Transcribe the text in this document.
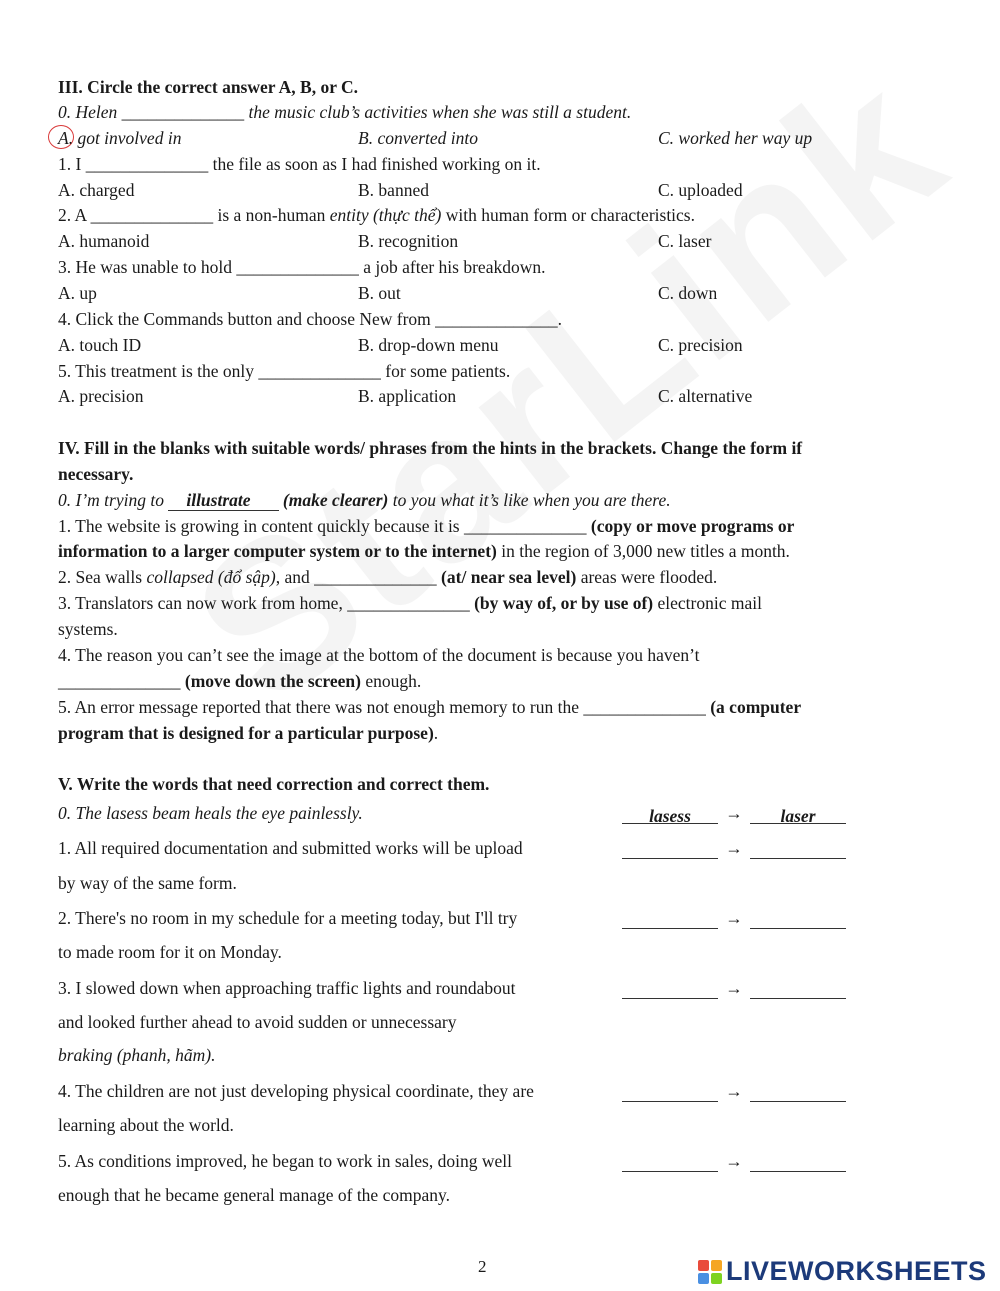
III. Circle the correct answer A, B, or C.
0. Helen ______________ the music club’s activities when she was still a student.
A. got involved in	B. converted into	C. worked her way up
1. I ______________ the file as soon as I had finished working on it.
A. charged	B. banned	C. uploaded
2. A ______________ is a non-human entity (thực thể) with human form or characteristics.
A. humanoid	B. recognition	C. laser
3. He was unable to hold ______________ a job after his breakdown.
A. up	B. out	C. down
4. Click the Commands button and choose New from ______________.
A. touch ID	B. drop-down menu	C. precision
5. This treatment is the only ______________ for some patients.
A. precision	B. application	C. alternative
IV. Fill in the blanks with suitable words/ phrases from the hints in the brackets. Change the form if
necessary.
0. I’m trying to illustrate (make clearer) to you what it’s like when you are there.
1. The website is growing in content quickly because it is ______________ (copy or move programs or
information to a larger computer system or to the internet) in the region of 3,000 new titles a month.
2. Sea walls collapsed (đổ sập), and ______________ (at/ near sea level) areas were flooded.
3. Translators can now work from home, ______________ (by way of, or by use of) electronic mail
systems.
4. The reason you can’t see the image at the bottom of the document is because you haven’t
______________ (move down the screen) enough.
5. An error message reported that there was not enough memory to run the ______________ (a computer
program that is designed for a particular purpose).
V. Write the words that need correction and correct them.
0. The lasess beam heals the eye painlessly.	lasess → laser
1. All required documentation and submitted works will be upload
by way of the same form.
→
2. There's no room in my schedule for a meeting today, but I'll try
to made room for it on Monday.
→
3. I slowed down when approaching traffic lights and roundabout
and looked further ahead to avoid sudden or unnecessary
braking (phanh, hãm).
→
4. The children are not just developing physical coordinate, they are
learning about the world.
→
5. As conditions improved, he began to work in sales, doing well
enough that he became general manage of the company.
→
2	LIVEWORKSHEETS
